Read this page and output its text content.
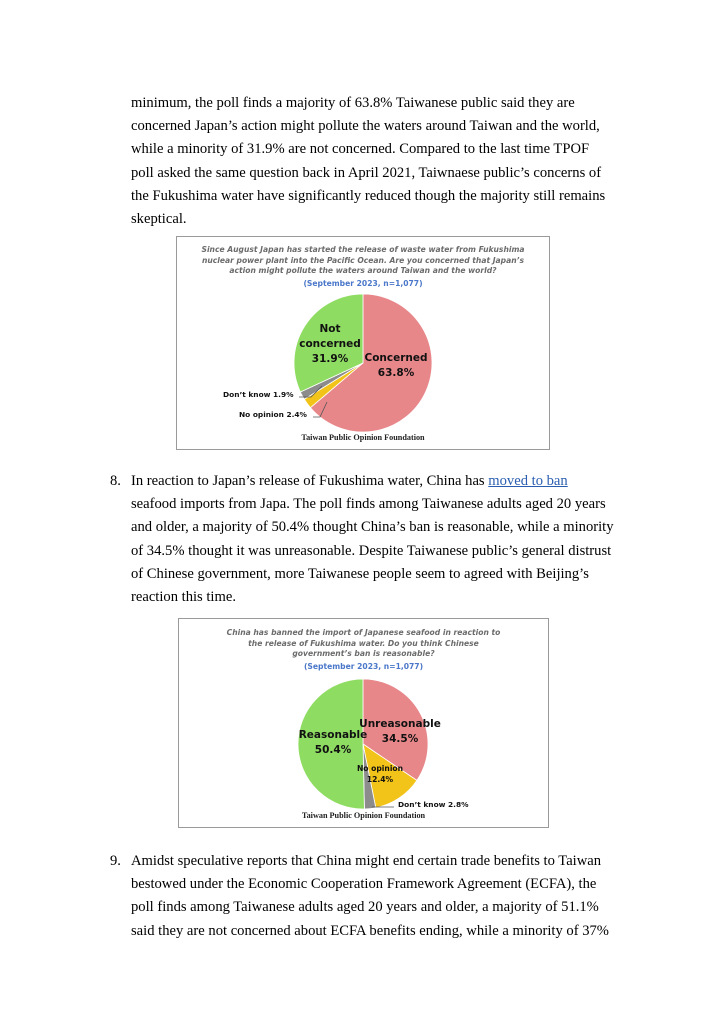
minimum, the poll finds a majority of 63.8% Taiwanese public said they are
concerned Japan’s action might pollute the waters around Taiwan and the world,
while a minority of 31.9% are not concerned. Compared to the last time TPOF
poll asked the same question back in April 2021, Taiwnaese public’s concerns of
the Fukushima water have significantly reduced though the majority still remains
skeptical.
Since August Japan has started the release of waste water from Fukushima
nuclear power plant into the Pacific Ocean. Are you concerned that Japan’s
action might pollute the waters around Taiwan and the world?
(September 2023, n=1,077)
Concerned
63.8%
Not
concerned
31.9%
Don’t know 1.9%
No opinion 2.4%
Taiwan Public Opinion Foundation
8. In reaction to Japan’s release of Fukushima water, China has moved to ban
seafood imports from Japa. The poll finds among Taiwanese adults aged 20 years
and older, a majority of 50.4% thought China’s ban is reasonable, while a minority
of 34.5% thought it was unreasonable. Despite Taiwanese public’s general distrust
of Chinese government, more Taiwanese people seem to agreed with Beijing’s
reaction this time.
China has banned the import of Japanese seafood in reaction to
the release of Fukushima water. Do you think Chinese
government’s ban is reasonable?
(September 2023, n=1,077)
Unreasonable
34.5%
Reasonable
50.4%
No opinion
12.4%
Don’t know 2.8%
Taiwan Public Opinion Foundation
9. Amidst speculative reports that China might end certain trade benefits to Taiwan
bestowed under the Economic Cooperation Framework Agreement (ECFA), the
poll finds among Taiwanese adults aged 20 years and older, a majority of 51.1%
said they are not concerned about ECFA benefits ending, while a minority of 37%
